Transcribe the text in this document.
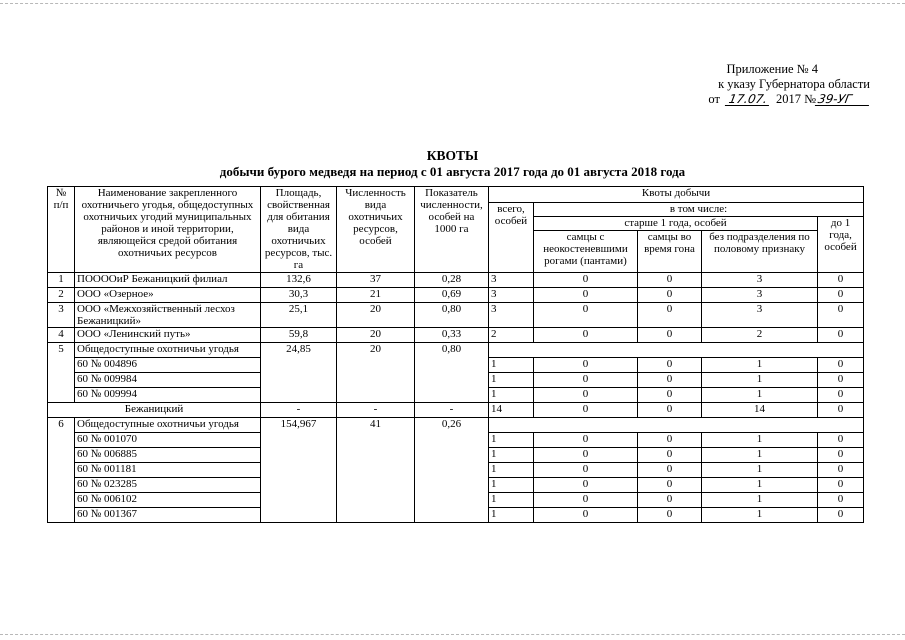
Приложение № 4
к указу Губернатора области
от 17.07. 2017 №39-УГ
КВОТЫ
добычи бурого медведя на период с 01 августа 2017 года до 01 августа 2018 года
№ п/п	Наименование закрепленного охотничьего угодья, общедоступных охотничьих угодий муниципальных районов и иной территории, являющейся средой обитания охотничьих ресурсов	Площадь, свойственная для обитания вида охотничьих ресурсов, тыс. га	Численность вида охотничьих ресурсов, особей	Показатель численности, особей на 1000 га	Квоты добычи				
					всего, особей	в том числе:			
						старше 1 года, особей			до 1 года, особей
						самцы с неокостеневшими рогами (пантами)	самцы во время гона	без подразделения по половому признаку	
1	ПООООиР Бежаницкий филиал	132,6	37	0,28	3	0	0	3	0
2	ООО «Озерное»	30,3	21	0,69	3	0	0	3	0
3	ООО «Межхозяйственный лесхоз Бежаницкий»	25,1	20	0,80	3	0	0	3	0
4	ООО «Ленинский путь»	59,8	20	0,33	2	0	0	2	0
5	Общедоступные охотничьи угодья	24,85	20	0,80					
	60 № 004896				1	0	0	1	0
	60 № 009984				1	0	0	1	0
	60 № 009994				1	0	0	1	0
Бежаницкий		-	-	-	14	0	0	14	0
6	Общедоступные охотничьи угодья	154,967	41	0,26					
	60 № 001070				1	0	0	1	0
	60 № 006885				1	0	0	1	0
	60 № 001181				1	0	0	1	0
	60 № 023285				1	0	0	1	0
	60 № 006102				1	0	0	1	0
	60 № 001367				1	0	0	1	0
